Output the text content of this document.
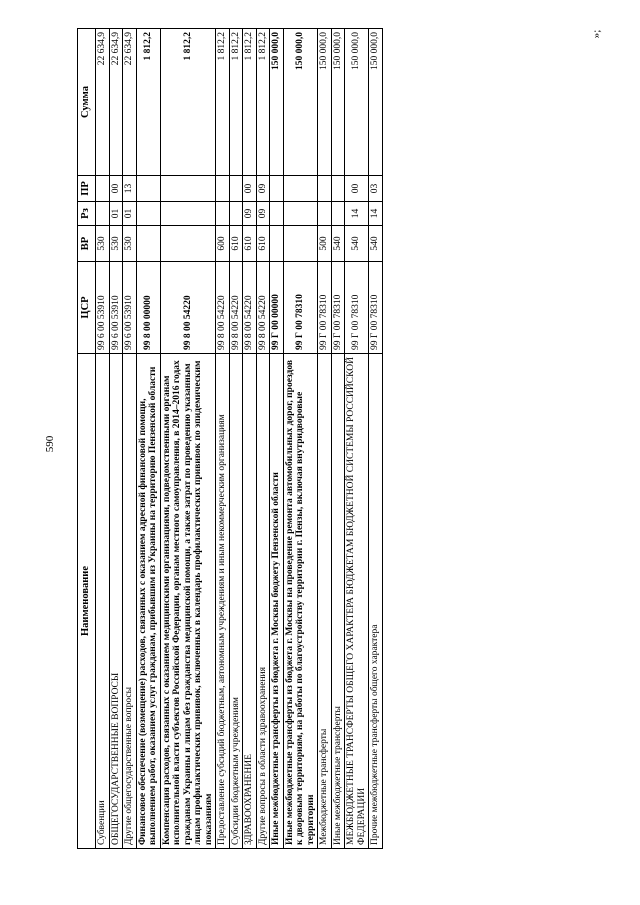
590
»;
Наименование	ЦСР	ВР	Рз	ПР	Сумма
Субвенции	99 6 00 53910	530			22 634,9
ОБЩЕГОСУДАРСТВЕННЫЕ ВОПРОСЫ	99 6 00 53910	530	01	00	22 634,9
Другие общегосударственные вопросы	99 6 00 53910	530	01	13	22 634,9
Финансовое обеспечение (возмещение) расходов, связанных с оказанием адресной финансовой помощи, выполнением работ, оказанием услуг гражданам, прибывшим из Украины на территорию Пензенской области	99 8 00 00000				1 812,2
Компенсация расходов, связанных с оказанием медицинскими организациями, подведомственными органам исполнительной власти субъектов Российской Федерации, органам местного самоуправления, в 2014–2016 годах гражданам Украины и лицам без гражданства медицинской помощи, а также затрат по проведению указанным лицам профилактических прививок, включенных в календарь профилактических прививок по эпидемическим показаниям	99 8 00 54220				1 812,2
Предоставление субсидий бюджетным, автономным учреждениям и иным некоммерческим организациям	99 8 00 54220	600			1 812,2
Субсидии бюджетным учреждениям	99 8 00 54220	610			1 812,2
ЗДРАВООХРАНЕНИЕ	99 8 00 54220	610	09	00	1 812,2
Другие вопросы в области здравоохранения	99 8 00 54220	610	09	09	1 812,2
Иные межбюджетные трансферты из бюджета г. Москвы бюджету Пензенской области	99 Г 00 00000				150 000,0
Иные межбюджетные трансферты из бюджета г. Москвы на проведение ремонта автомобильных дорог, проездов к дворовым территориям, на работы по благоустройству территории г. Пензы, включая внутридворовые территории	99 Г 00 78310				150 000,0
Межбюджетные трансферты	99 Г 00 78310	500			150 000,0
Иные межбюджетные трансферты	99 Г 00 78310	540			150 000,0
МЕЖБЮДЖЕТНЫЕ ТРАНСФЕРТЫ ОБЩЕГО ХАРАКТЕРА БЮДЖЕТАМ БЮДЖЕТНОЙ СИСТЕМЫ РОССИЙСКОЙ ФЕДЕРАЦИИ	99 Г 00 78310	540	14	00	150 000,0
Прочие межбюджетные трансферты общего характера	99 Г 00 78310	540	14	03	150 000,0
